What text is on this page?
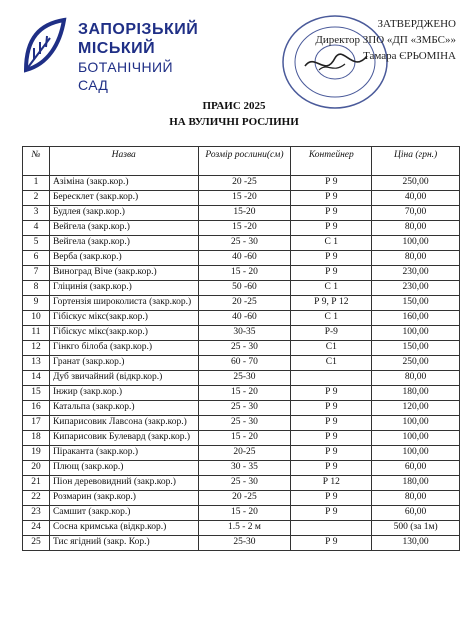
ЗАПОРІЗЬКИЙ
МІСЬКИЙ
БОТАНІЧНИЙ САД
ЗАТВЕРДЖЕНО
Директор ЗПО «ДП «ЗМБС»»
Тамара ЄРЬОМІНА
ПРАИС 2025
НА ВУЛИЧНІ РОСЛИНИ
№	Назва	Розмір рослини(см)	Контейнер	Ціна (грн.)
1	Азіміна (закр.кор.)	20 -25	Р 9	250,00
2	Бересклет (закр.кор.)	15 -20	Р 9	40,00
3	Будлея (закр.кор.)	15-20	Р 9	70,00
4	Вейгела (закр.кор.)	15 -20	Р 9	80,00
5	Вейгела (закр.кор.)	25 - 30	С 1	100,00
6	Верба (закр.кор.)	40 -60	Р 9	80,00
7	Виноград Віче (закр.кор.)	15 - 20	Р 9	230,00
8	Гліцинія (закр.кор.)	50 -60	С 1	230,00
9	Гортензія широколиста (закр.кор.)	20 -25	Р 9, Р 12	150,00
10	Гібіскус мікс(закр.кор.)	40 -60	С 1	160,00
11	Гібіскус мікс(закр.кор.)	30-35	Р-9	100,00
12	Гінкго білоба (закр.кор.)	25 - 30	С1	150,00
13	Гранат (закр.кор.)	60 - 70	С1	250,00
14	Дуб звичайний (відкр.кор.)	25-30		80,00
15	Інжир (закр.кор.)	15 - 20	Р 9	180,00
16	Катальпа (закр.кор.)	25 - 30	Р 9	120,00
17	Кипарисовик Лавсона (закр.кор.)	25 - 30	Р 9	100,00
18	Кипарисовик Булевард (закр.кор.)	15 - 20	Р 9	100,00
19	Піраканта (закр.кор.)	20-25	Р 9	100,00
20	Плющ (закр.кор.)	30 - 35	Р 9	60,00
21	Пiон деревовидний (закр.кор.)	25 - 30	Р 12	180,00
22	Розмарин (закр.кор.)	20 -25	Р 9	80,00
23	Самшит (закр.кор.)	15 - 20	Р 9	60,00
24	Сосна кримська (відкр.кор.)	1.5 - 2 м		500 (за 1м)
25	Тис ягідний (закр. Кор.)	25-30	Р 9	130,00
